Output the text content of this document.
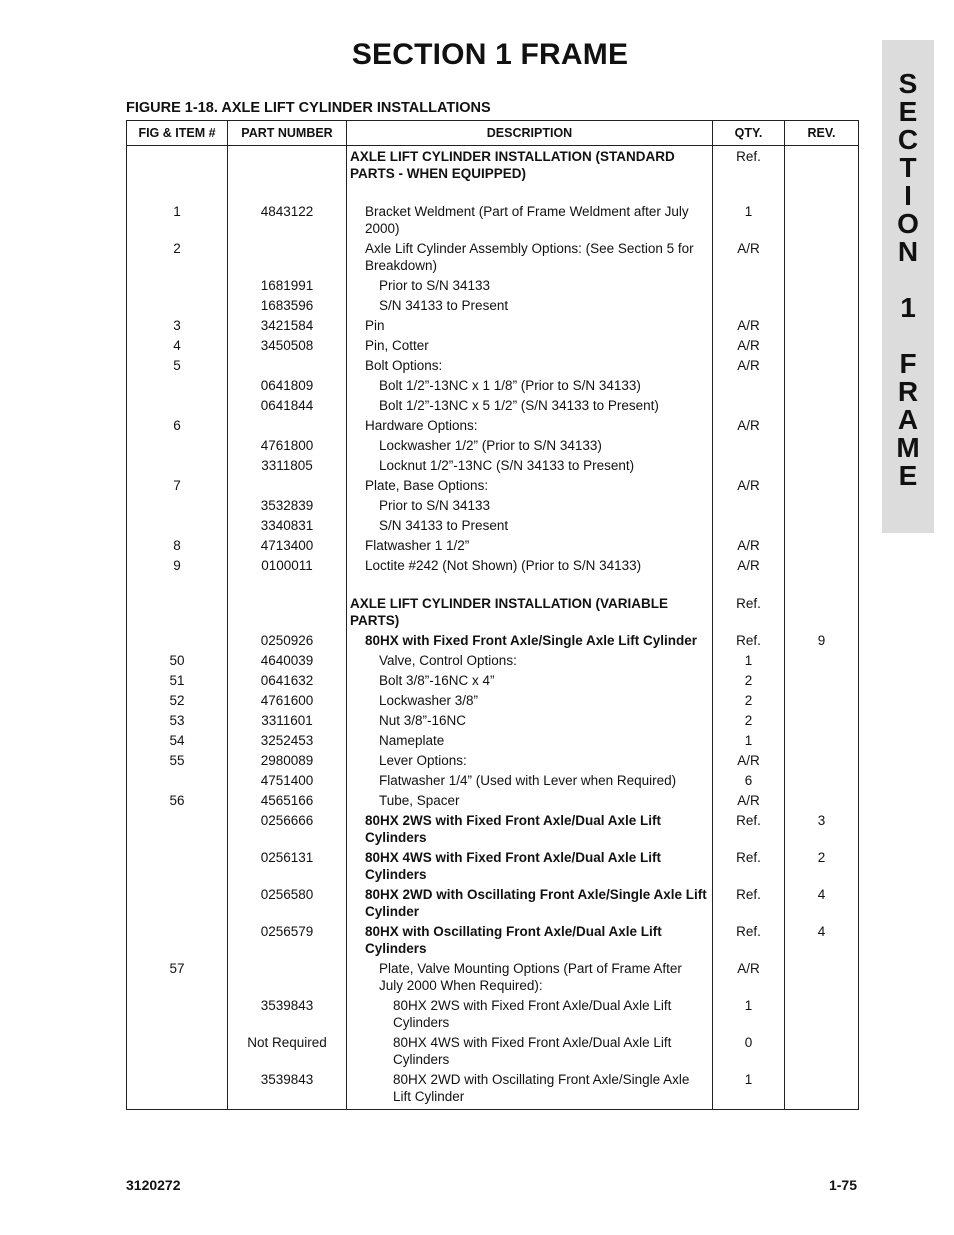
SECTION 1 FRAME
S
E
C
T
I
O
N
1
F
R
A
M
E
FIGURE 1-18. AXLE LIFT CYLINDER INSTALLATIONS
FIG & ITEM #	PART NUMBER	DESCRIPTION	QTY.	REV.

		AXLE LIFT CYLINDER INSTALLATION (STANDARD PARTS - WHEN EQUIPPED)	Ref.	

1	4843122	Bracket Weldment (Part of Frame Weldment after July 2000)	1	
2		Axle Lift Cylinder Assembly Options: (See Section 5 for Breakdown)	A/R	
	1681991	Prior to S/N 34133		

	1683596	S/N 34133 to Present		

3	3421584	Pin	A/R	
4	3450508	Pin, Cotter	A/R	
5		Bolt Options:	A/R	
	0641809	Bolt 1/2”-13NC x 1 1/8” (Prior to S/N 34133)		

	0641844	Bolt 1/2”-13NC x 5 1/2” (S/N 34133 to Present)		

6		Hardware Options:	A/R	
	4761800	Lockwasher 1/2” (Prior to S/N 34133)		

	3311805	Locknut 1/2”-13NC (S/N 34133 to Present)		

7		Plate, Base Options:	A/R	
	3532839	Prior to S/N 34133		

	3340831	S/N 34133 to Present		

8	4713400	Flatwasher 1 1/2”	A/R	
9	0100011	Loctite #242 (Not Shown) (Prior to S/N 34133)	A/R	

		AXLE LIFT CYLINDER INSTALLATION (VARIABLE PARTS)	Ref.	
	0250926	80HX with Fixed Front Axle/Single Axle Lift Cylinder	Ref.	9
50	4640039	Valve, Control Options:	1	
51	0641632	Bolt 3/8”-16NC x 4”	2	
52	4761600	Lockwasher 3/8”	2	
53	3311601	Nut 3/8”-16NC	2	
54	3252453	Nameplate	1	
55	2980089	Lever Options:	A/R	
	4751400	Flatwasher 1/4” (Used with Lever when Required)	6	
56	4565166	Tube, Spacer	A/R	
	0256666	80HX 2WS with Fixed Front Axle/Dual Axle Lift Cylinders	Ref.	3
	0256131	80HX 4WS with Fixed Front Axle/Dual Axle Lift Cylinders	Ref.	2
	0256580	80HX 2WD with Oscillating Front Axle/Single Axle Lift Cylinder	Ref.	4
	0256579	80HX with Oscillating Front Axle/Dual Axle Lift Cylinders	Ref.	4
57		Plate, Valve Mounting Options (Part of Frame After July 2000 When Required):	A/R	
	3539843	80HX 2WS with Fixed Front Axle/Dual Axle Lift Cylinders	1	
	Not Required	80HX 4WS with Fixed Front Axle/Dual Axle Lift Cylinders	0	
	3539843	80HX 2WD with Oscillating Front Axle/Single Axle Lift Cylinder	1	
3120272	1-75
